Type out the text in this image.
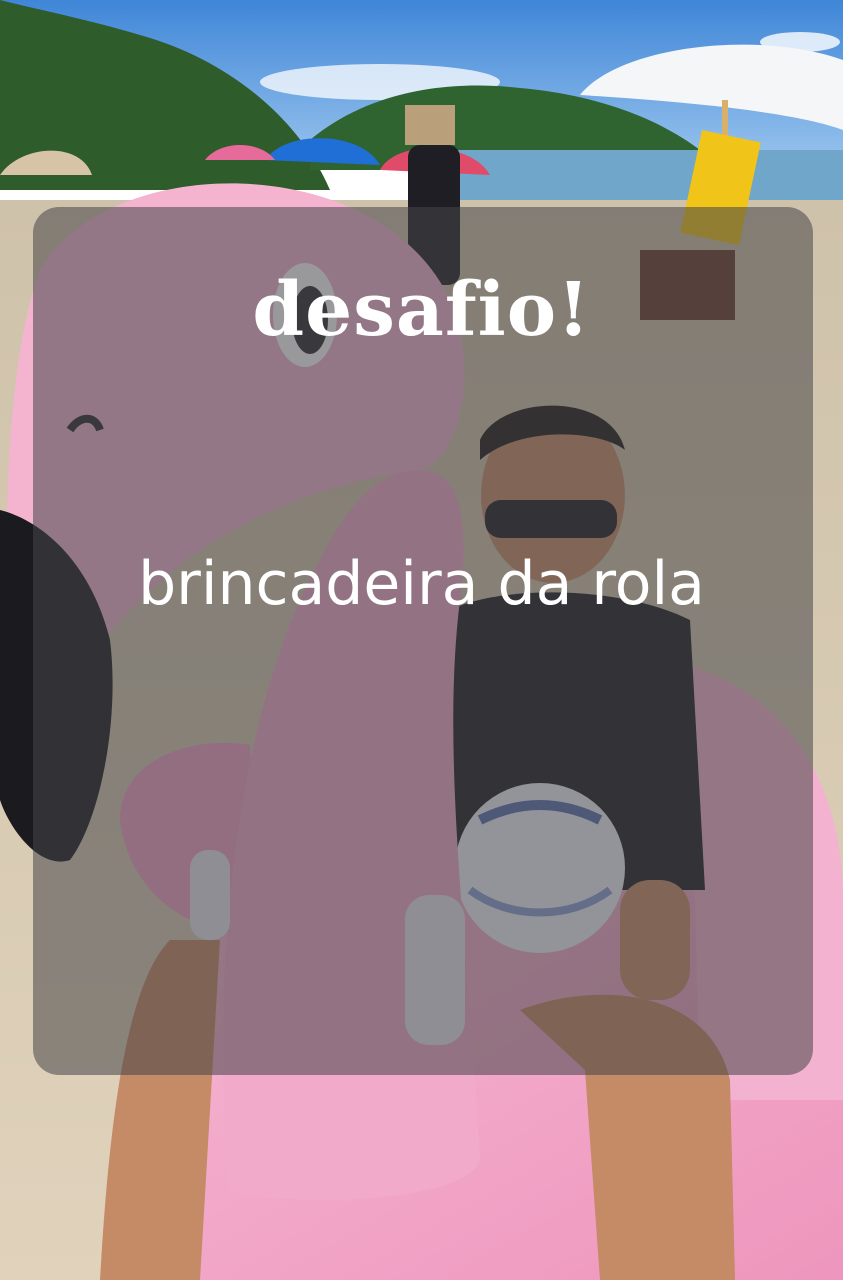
desafio!
brincadeira da rola
